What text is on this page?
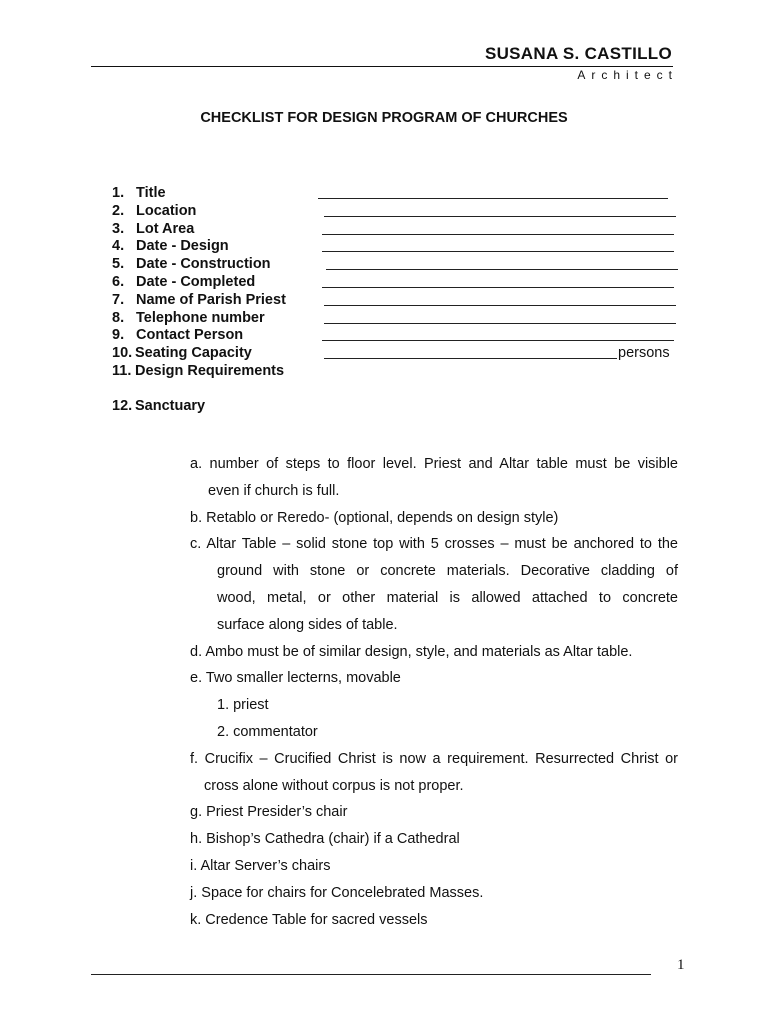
SUSANA S. CASTILLO
Architect
CHECKLIST FOR DESIGN PROGRAM OF CHURCHES
1. Title
2. Location
3. Lot Area
4. Date - Design
5. Date - Construction
6. Date - Completed
7. Name of Parish Priest
8. Telephone number
9. Contact Person
10. Seating Capacity	persons
11. Design Requirements
12. Sanctuary

a. number of steps to floor level. Priest and Altar table must be visible

even if church is full.

b. Retablo or Reredo- (optional, depends on design style)

c. Altar Table – solid stone top with 5 crosses – must be anchored to the

ground with stone or concrete materials. Decorative cladding of

wood, metal, or other material is allowed attached to concrete

surface along sides of table.

d. Ambo must be of similar design, style, and materials as Altar table.

e. Two smaller lecterns, movable

1. priest

2. commentator

f. Crucifix – Crucified Christ is now a requirement. Resurrected Christ or

cross alone without corpus is not proper.

g. Priest Presider’s chair

h. Bishop’s Cathedra (chair) if a Cathedral

i. Altar Server’s chairs

j. Space for chairs for Concelebrated Masses.

k. Credence Table for sacred vessels

1
